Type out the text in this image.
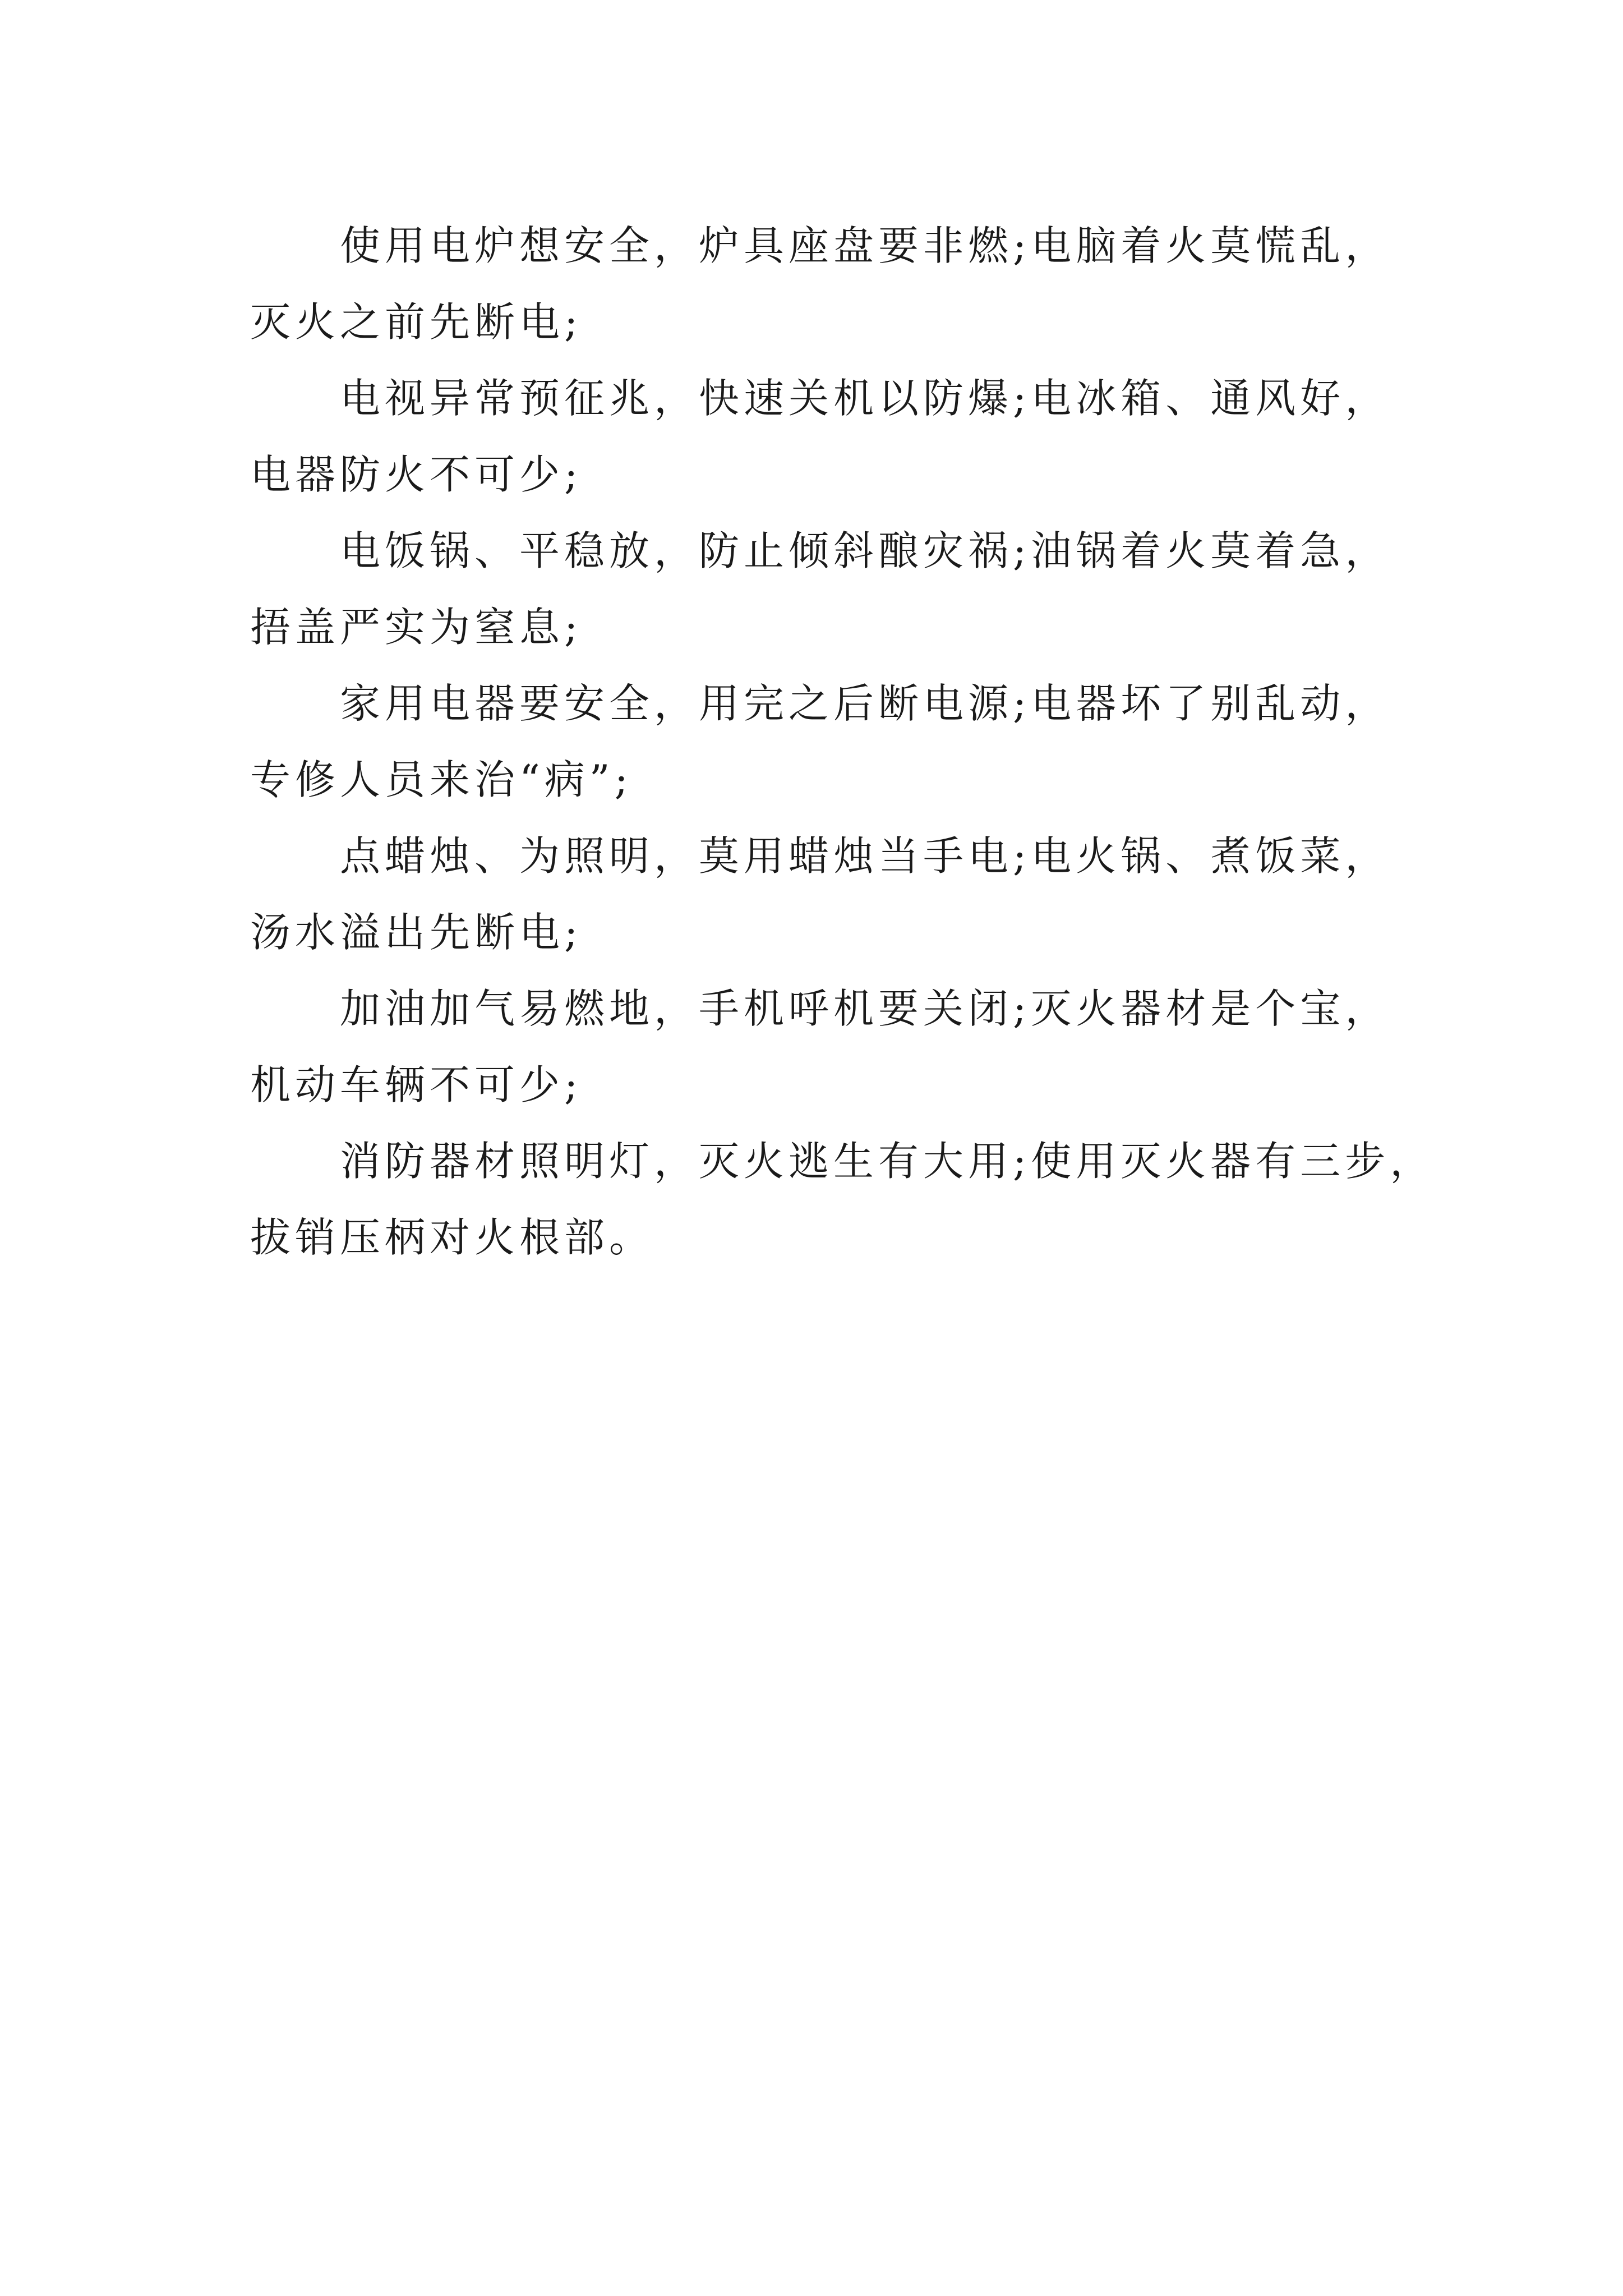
使用电炉想安全，炉具座盘要非燃;电脑着火莫慌乱，
灭火之前先断电;

电视异常预征兆，快速关机以防爆;电冰箱、通风好，
电器防火不可少;

电饭锅、平稳放，防止倾斜酿灾祸;油锅着火莫着急，
捂盖严实为窒息;

家用电器要安全，用完之后断电源;电器坏了别乱动，
专修人员来治“病”;

点蜡烛、为照明，莫用蜡烛当手电;电火锅、煮饭菜，
汤水溢出先断电;

加油加气易燃地，手机呼机要关闭;灭火器材是个宝，
机动车辆不可少;

消防器材照明灯，灭火逃生有大用;使用灭火器有三步，
拔销压柄对火根部。
